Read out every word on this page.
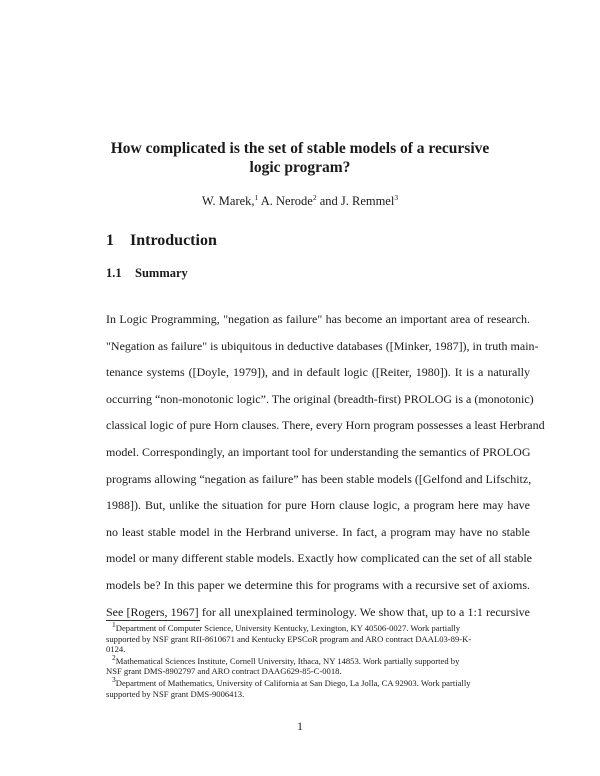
How complicated is the set of stable models of a recursive
logic program?
W. Marek,$^1$ A. Nerode$^2$ and J. Remmel$^3$
1 Introduction
1.1 Summary
In Logic Programming, "negation as failure" has become an important area of research.
"Negation as failure" is ubiquitous in deductive databases ([Minker, 1987]), in truth main-
tenance systems ([Doyle, 1979]), and in default logic ([Reiter, 1980]). It is a naturally
occurring “non-monotonic logic”. The original (breadth-first) PROLOG is a (monotonic)
classical logic of pure Horn clauses. There, every Horn program possesses a least Herbrand
model. Correspondingly, an important tool for understanding the semantics of PROLOG
programs allowing “negation as failure” has been stable models ([Gelfond and Lifschitz,
1988]). But, unlike the situation for pure Horn clause logic, a program here may have
no least stable model in the Herbrand universe. In fact, a program may have no stable
model or many different stable models. Exactly how complicated can the set of all stable
models be? In this paper we determine this for programs with a recursive set of axioms.
See [Rogers, 1967] for all unexplained terminology. We show that, up to a 1:1 recursive
$^1$Department of Computer Science, University Kentucky, Lexington, KY 40506-0027. Work partially
supported by NSF grant RII-8610671 and Kentucky EPSCoR program and ARO contract DAAL03-89-K-
0124.
$^2$Mathematical Sciences Institute, Cornell University, Ithaca, NY 14853. Work partially supported by
NSF grant DMS-8902797 and ARO contract DAAG629-85-C-0018.
$^3$Department of Mathematics, University of California at San Diego, La Jolla, CA 92903. Work partially
supported by NSF grant DMS-9006413.
1
